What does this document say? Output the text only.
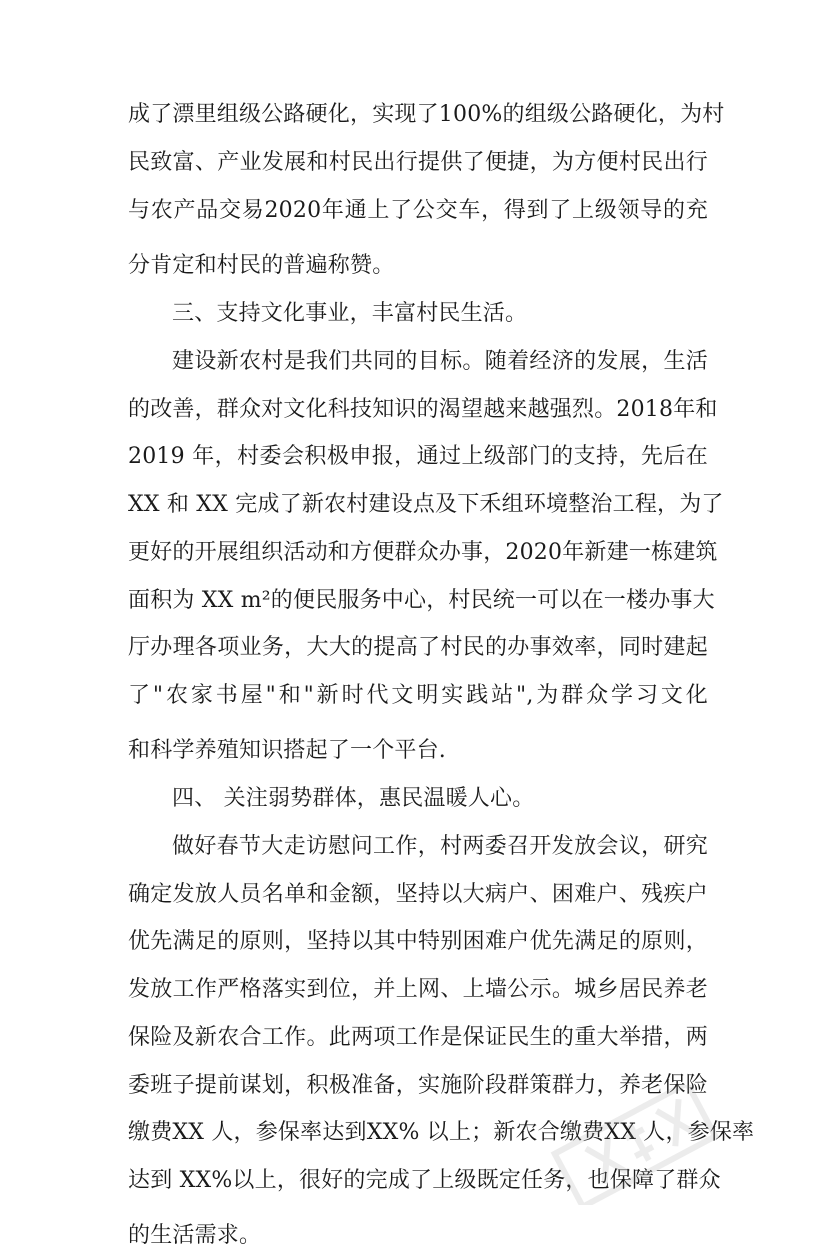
成了漂里组级公路硬化，实现了100%的组级公路硬化，为村
民致富、产业发展和村民出行提供了便捷，为方便村民出行
与农产品交易2020年通上了公交车，得到了上级领导的充
分肯定和村民的普遍称赞。
三、支持文化事业，丰富村民生活。
建设新农村是我们共同的目标。随着经济的发展，生活
的改善，群众对文化科技知识的渴望越来越强烈。2018年和
2019 年，村委会积极申报，通过上级部门的支持，先后在
XX 和 XX 完成了新农村建设点及下禾组环境整治工程，为了
更好的开展组织活动和方便群众办事，2020年新建一栋建筑
面积为 XX m²的便民服务中心，村民统一可以在一楼办事大
厅办理各项业务，大大的提高了村民的办事效率，同时建起
了"农家书屋"和"新时代文明实践站",为群众学习文化
和科学养殖知识搭起了一个平台.
四、 关注弱势群体，惠民温暖人心。
做好春节大走访慰问工作，村两委召开发放会议，研究
确定发放人员名单和金额，坚持以大病户、困难户、残疾户
优先满足的原则，坚持以其中特别困难户优先满足的原则，
发放工作严格落实到位，并上网、上墙公示。城乡居民养老
保险及新农合工作。此两项工作是保证民生的重大举措，两
委班子提前谋划，积极准备，实施阶段群策群力，养老保险
缴费XX 人，参保率达到XX% 以上；新农合缴费XX 人，参保率
达到 XX%以上，很好的完成了上级既定任务，也保障了群众
的生活需求。
